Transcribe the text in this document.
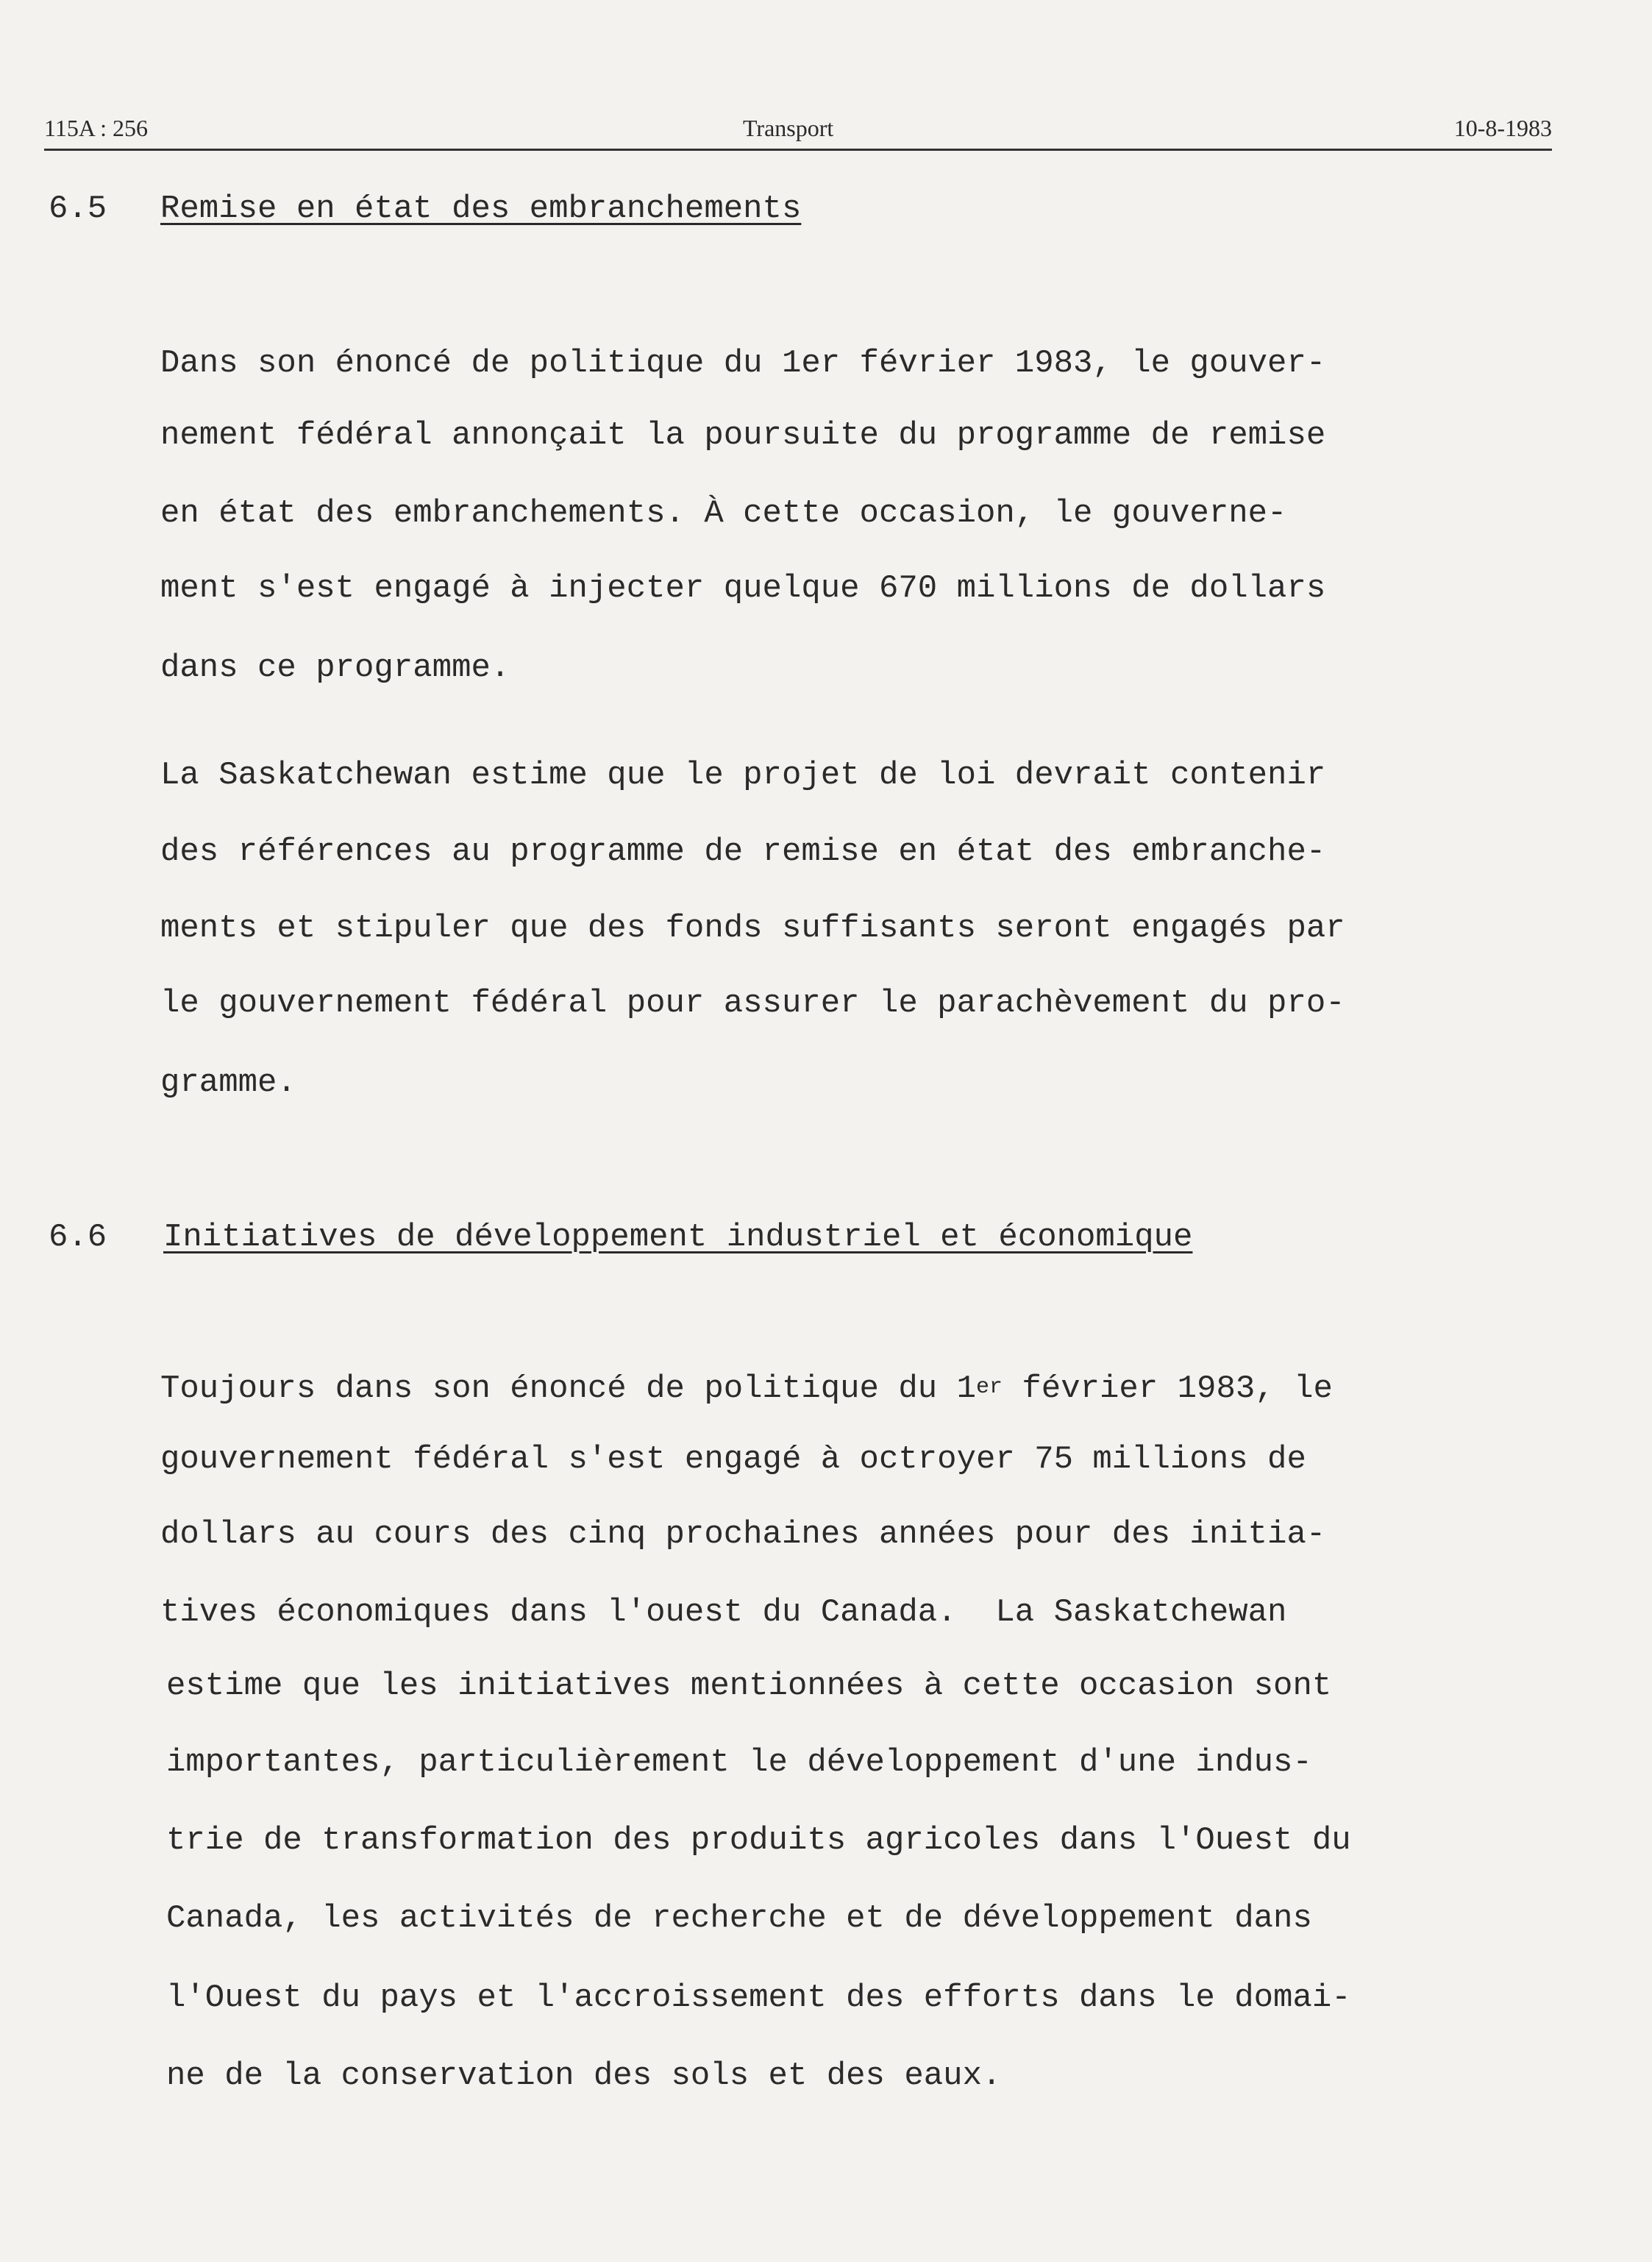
115A : 256	Transport	10-8-1983
6.5 Remise en état des embranchements
Dans son énoncé de politique du 1er février 1983, le gouver-
nement fédéral annonçait la poursuite du programme de remise
en état des embranchements. À cette occasion, le gouverne-
ment s'est engagé à injecter quelque 670 millions de dollars
dans ce programme.
La Saskatchewan estime que le projet de loi devrait contenir
des références au programme de remise en état des embranche-
ments et stipuler que des fonds suffisants seront engagés par
le gouvernement fédéral pour assurer le parachèvement du pro-
gramme.
6.6 Initiatives de développement industriel et économique
Toujours dans son énoncé de politique du 1er février 1983, le
gouvernement fédéral s'est engagé à octroyer 75 millions de
dollars au cours des cinq prochaines années pour des initia-
tives économiques dans l'ouest du Canada.  La Saskatchewan
estime que les initiatives mentionnées à cette occasion sont
importantes, particulièrement le développement d'une indus-
trie de transformation des produits agricoles dans l'Ouest du
Canada, les activités de recherche et de développement dans
l'Ouest du pays et l'accroissement des efforts dans le domai-
ne de la conservation des sols et des eaux.
